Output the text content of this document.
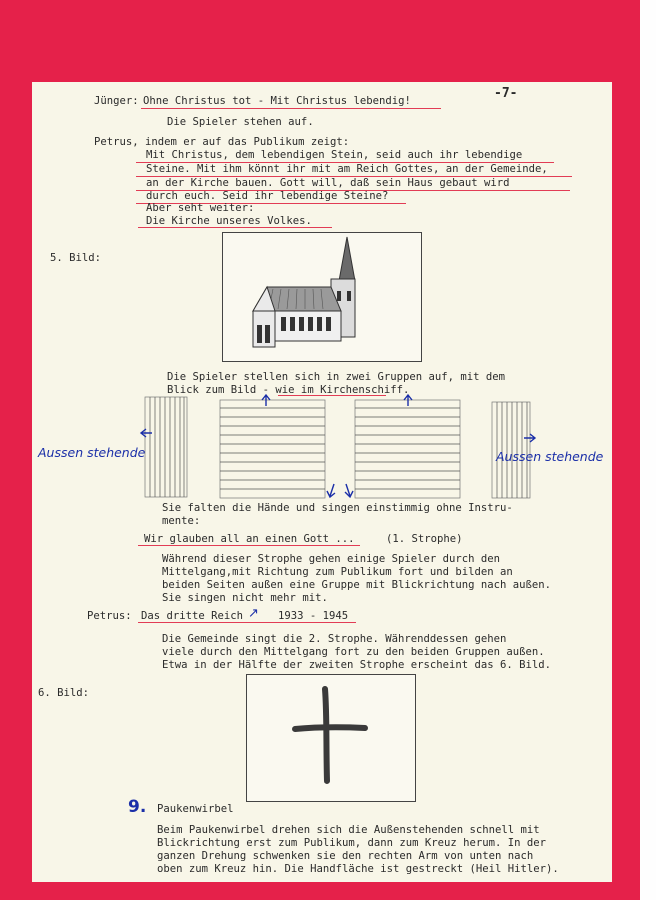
-7-
Jünger: Ohne Christus tot - Mit Christus lebendig!
Die Spieler stehen auf.
Petrus, indem er auf das Publikum zeigt:
Mit Christus, dem lebendigen Stein, seid auch ihr lebendige
Steine. Mit ihm könnt ihr mit am Reich Gottes, an der Gemeinde,
an der Kirche bauen. Gott will, daß sein Haus gebaut wird
durch euch. Seid ihr lebendige Steine?
Aber seht weiter:
Die Kirche unseres Volkes.
5. Bild:
Die Spieler stellen sich in zwei Gruppen auf, mit dem
Blick zum Bild - wie im Kirchenschiff.
Aussen stehende	Aussen stehende
Sie falten die Hände und singen einstimmig ohne Instru-
mente:
Wir glauben all an einen Gott ...	(1. Strophe)
Während dieser Strophe gehen einige Spieler durch den
Mittelgang,mit Richtung zum Publikum fort und bilden an
beiden Seiten außen eine Gruppe mit Blickrichtung nach außen.
Sie singen nicht mehr mit.
Petrus: Das dritte Reich ↗ 1933 - 1945
Die Gemeinde singt die 2. Strophe. Währenddessen gehen
viele durch den Mittelgang fort zu den beiden Gruppen außen.
Etwa in der Hälfte der zweiten Strophe erscheint das 6. Bild.
6. Bild:
9. Paukenwirbel
Beim Paukenwirbel drehen sich die Außenstehenden schnell mit
Blickrichtung erst zum Publikum, dann zum Kreuz herum. In der
ganzen Drehung schwenken sie den rechten Arm von unten nach
oben zum Kreuz hin. Die Handfläche ist gestreckt (Heil Hitler).
